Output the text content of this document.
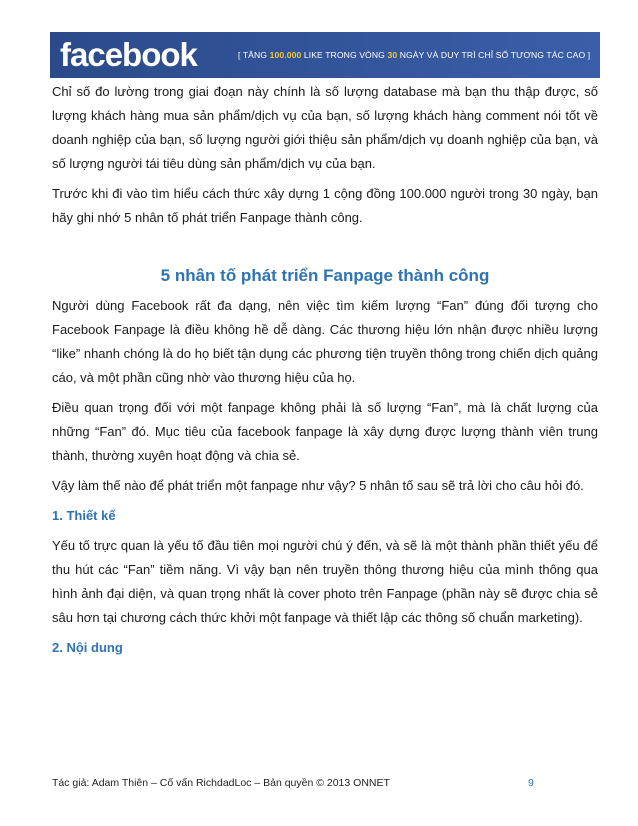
facebook	[ TĂNG 100.000 LIKE TRONG VÒNG 30 NGÀY VÀ DUY TRÌ CHỈ SỐ TƯƠNG TÁC CAO ]

Chỉ số đo lường trong giai đoạn này chính là số lượng database mà bạn thu thập được, số lượng khách hàng mua sản phẩm/dịch vụ của bạn, số lượng khách hàng comment nói tốt về doanh nghiệp của bạn, số lượng người giới thiệu sản phẩm/dịch vụ doanh nghiệp của bạn, và số lượng người tái tiêu dùng sản phẩm/dịch vụ của bạn.

Trước khi đi vào tìm hiểu cách thức xây dựng 1 cộng đồng 100.000 người trong 30 ngày, bạn hãy ghi nhớ 5 nhân tố phát triển Fanpage thành công.

5 nhân tố phát triển Fanpage thành công

Người dùng Facebook rất đa dạng, nên việc tìm kiếm lượng “Fan” đúng đối tượng cho Facebook Fanpage là điều không hề dễ dàng. Các thương hiệu lớn nhận được nhiều lượng “like” nhanh chóng là do họ biết tận dụng các phương tiện truyền thông trong chiến dịch quảng cáo, và một phần cũng nhờ vào thương hiệu của họ.

Điều quan trọng đối với một fanpage không phải là số lượng “Fan”, mà là chất lượng của những “Fan” đó. Mục tiêu của facebook fanpage là xây dựng được lượng thành viên trung thành, thường xuyên hoạt động và chia sẻ.

Vậy làm thế nào để phát triển một fanpage như vậy? 5 nhân tố sau sẽ trả lời cho câu hỏi đó.

1. Thiết kế

Yếu tố trực quan là yếu tố đầu tiên mọi người chú ý đến, và sẽ là một thành phần thiết yếu để thu hút các “Fan” tiềm năng. Vì vậy bạn nên truyền thông thương hiệu của mình thông qua hình ảnh đại diện, và quan trọng nhất là cover photo trên Fanpage (phần này sẽ được chia sẻ sâu hơn tại chương cách thức khởi một fanpage và thiết lập các thông số chuẩn marketing).

2. Nội dung
Tác giả: Adam Thiên – Cố vấn RichdadLoc – Bản quyền © 2013 ONNET	9
